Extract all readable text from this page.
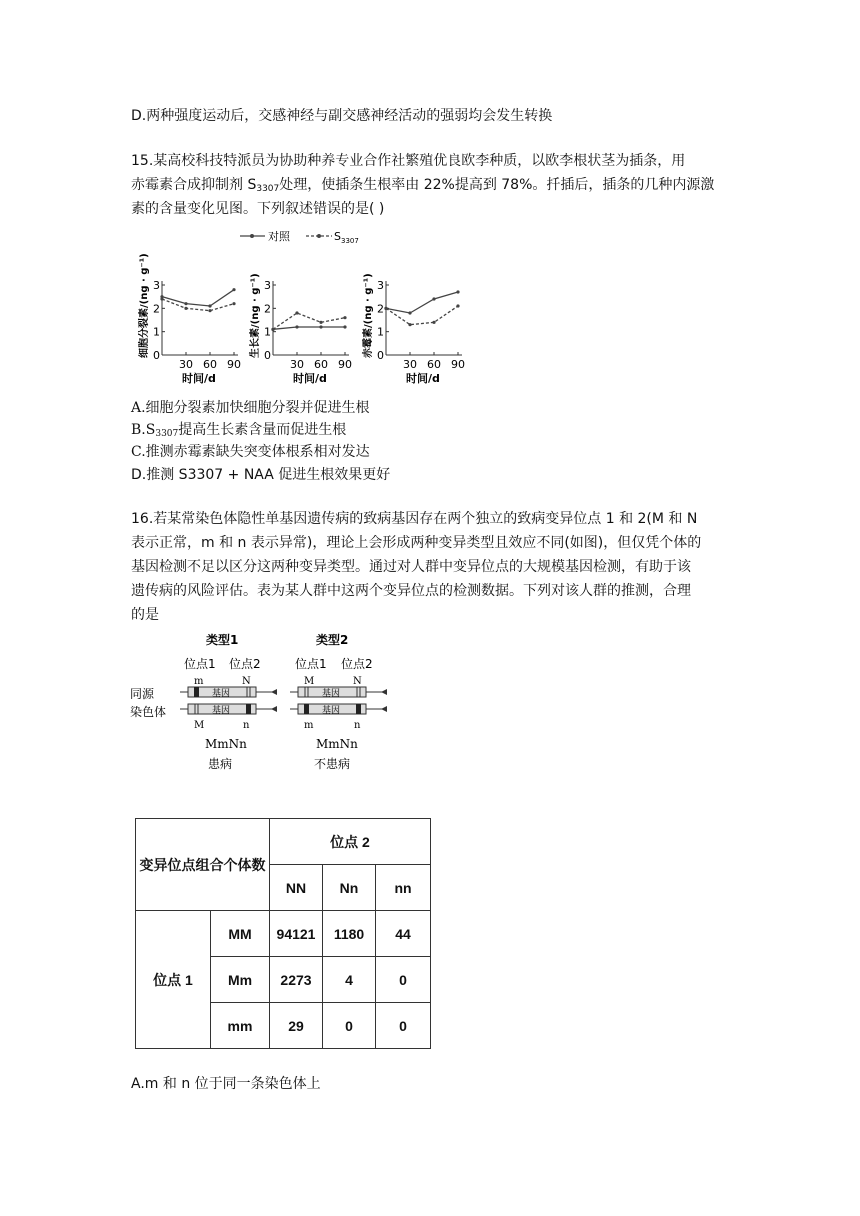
D.两种强度运动后，交感神经与副交感神经活动的强弱均会发生转换
15.某高校科技特派员为协助种养专业合作社繁殖优良欧李种质，以欧李根状茎为插条，用
赤霉素合成抑制剂 $S_{3307}$处理，使插条生根率由 22%提高到 78%。扦插后，插条的几种内源激
素的含量变化见图。下列叙述错误的是( )
对照	$S_{3307}$
0
1
2
3
30 60 90
时间/d
细胞分裂素/(ng · g⁻¹)	0
1
2
3
30 60 90
时间/d
生长素/(ng · g⁻¹)	0
1
2
3
30 60 90
时间/d
赤霉素/(ng · g⁻¹)
A.细胞分裂素加快细胞分裂并促进生根
$B.S_{3307}$提高生长素含量而促进生根
C.推测赤霉素缺失突变体根系相对发达
D.推测 S3307 + NAA 促进生根效果更好
16.若某常染色体隐性单基因遗传病的致病基因存在两个独立的致病变异位点 1 和 2(M 和 N
表示正常，m 和 n 表示异常)，理论上会形成两种变异类型且效应不同(如图)，但仅凭个体的
基因检测不足以区分这两种变异类型。通过对人群中变异位点的大规模基因检测，有助于该
遗传病的风险评估。表为某人群中这两个变异位点的检测数据。下列对该人群的推测，合理
的是
同源
染色体
类型1
位点1 位点2
m	N
基因
基因
M	n
MmNn
患病
类型2
位点1 位点2
M	N
基因
基因
m	n
MmNn
不患病
变异位点组合个体数		位点 2		
		NN	Nn	nn
位点 1	MM	94121	1180	44
	Mm	2273	4	0
	mm	29	0	0
A.m 和 n 位于同一条染色体上
